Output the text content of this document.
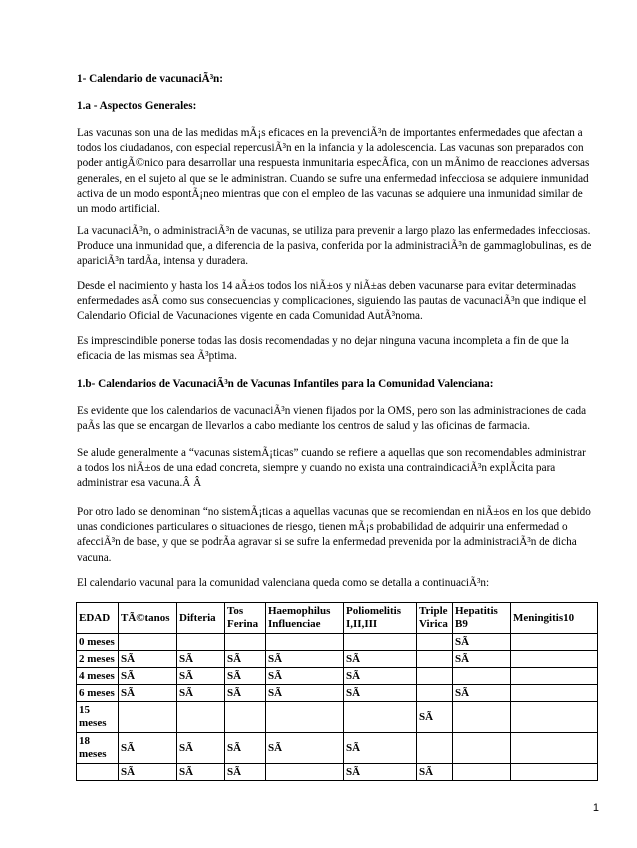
1- Calendario de vacunaciÃ³n:

1.a - Aspectos Generales:

Las vacunas son una de las medidas mÃ¡s eficaces en la prevenciÃ³n de importantes enfermedades que afectan a todos los ciudadanos, con especial repercusiÃ³n en la infancia y la adolescencia. Las vacunas son preparados con poder antigÃ©nico para desarrollar una respuesta inmunitaria especÃfica, con un mÃnimo de reacciones adversas generales, en el sujeto al que se le administran. Cuando se sufre una enfermedad infecciosa se adquiere inmunidad activa de un modo espontÃ¡neo mientras que con el empleo de las vacunas se adquiere una inmunidad similar de un modo artificial.

La vacunaciÃ³n, o administraciÃ³n de vacunas, se utiliza para prevenir a largo plazo las enfermedades infecciosas. Produce una inmunidad que, a diferencia de la pasiva, conferida por la administraciÃ³n de gammaglobulinas, es de apariciÃ³n tardÃa, intensa y duradera.

Desde el nacimiento y hasta los 14 aÃ±os todos los niÃ±os y niÃ±as deben vacunarse para evitar determinadas enfermedades asÃ como sus consecuencias y complicaciones, siguiendo las pautas de vacunaciÃ³n que indique el Calendario Oficial de Vacunaciones vigente en cada Comunidad AutÃ³noma.

Es imprescindible ponerse todas las dosis recomendadas y no dejar ninguna vacuna incompleta a fin de que la eficacia de las mismas sea Ã³ptima.

1.b- Calendarios de VacunaciÃ³n de Vacunas Infantiles para la Comunidad Valenciana:

Es evidente que los calendarios de vacunaciÃ³n vienen fijados por la OMS, pero son las administraciones de cada paÃs las que se encargan de llevarlos a cabo mediante los centros de salud y las oficinas de farmacia.

Se alude generalmente a “vacunas sistemÃ¡ticas” cuando se refiere a aquellas que son recomendables administrar a todos los niÃ±os de una edad concreta, siempre y cuando no exista una contraindicaciÃ³n explÃcita para administrar esa vacuna.Â Â

Por otro lado se denominan “no sistemÃ¡ticas a aquellas vacunas que se recomiendan en niÃ±os en los que debido unas condiciones particulares o situaciones de riesgo, tienen mÃ¡s probabilidad de adquirir una enfermedad o afecciÃ³n de base, y que se podrÃa agravar si se sufre la enfermedad prevenida por la administraciÃ³n de dicha vacuna.

El calendario vacunal para la comunidad valenciana queda como se detalla a continuaciÃ³n:

EDAD	TÃ©tanos	Difteria	Tos Ferina	Haemophilus Influenciae	Poliomelitis I,II,III	Triple Virica	Hepatitis B9	Meningitis10
0 meses							SÃ	
2 meses	SÃ	SÃ	SÃ	SÃ	SÃ		SÃ	
4 meses	SÃ	SÃ	SÃ	SÃ	SÃ			
6 meses	SÃ	SÃ	SÃ	SÃ	SÃ		SÃ	
15 meses						SÃ		
18 meses	SÃ	SÃ	SÃ	SÃ	SÃ			
	SÃ	SÃ	SÃ		SÃ	SÃ		
1
